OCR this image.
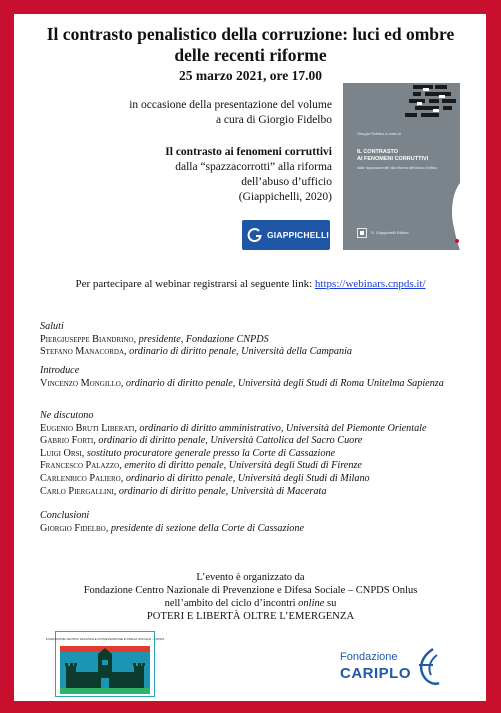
Il contrasto penalistico della corruzione: luci ed ombre
delle recenti riforme
25 marzo 2021, ore 17.00
in occasione della presentazione del volume
a cura di Giorgio Fidelbo
Il contrasto ai fenomeni corruttivi
dalla “spazzacorrotti” alla riforma
dell’abuso d’ufficio
(Giappichelli, 2020)
GIAPPICHELLI
Giorgio Fidelbo a cura di
IL CONTRASTO
AI FENOMENI CORRUTTIVI
dalla “spazzacorrotti” alla riforma dell'abuso d'ufficio
G. Giappichelli Editore
Per partecipare al webinar registrarsi al seguente link: https://webinars.cnpds.it/
Saluti
Piergiuseppe Biandrino, presidente, Fondazione CNPDS
Stefano Manacorda, ordinario di diritto penale, Università della Campania
Introduce
Vincenzo Mongillo, ordinario di diritto penale, Università degli Studi di Roma Unitelma Sapienza
Ne discutono
Eugenio Bruti Liberati, ordinario di diritto amministrativo, Università del Piemonte Orientale
Gabrio Forti, ordinario di diritto penale, Università Cattolica del Sacro Cuore
Luigi Orsi, sostituto procuratore generale presso la Corte di Cassazione
Francesco Palazzo, emerito di diritto penale, Università degli Studi di Firenze
Carlenrico Paliero, ordinario di diritto penale, Università degli Studi di Milano
Carlo Piergallini, ordinario di diritto penale, Università di Macerata
Conclusioni
Giorgio Fidelbo, presidente di sezione della Corte di Cassazione
L’evento è organizzato da
Fondazione Centro Nazionale di Prevenzione e Difesa Sociale – CNPDS Onlus
nell’ambito del ciclo d’incontri online su
POTERI E LIBERTÀ OLTRE L’EMERGENZA
FONDAZIONE CENTRO NAZIONALE DI PREVENZIONE E DIFESA SOCIALE - CNPDS
Fondazione
CARIPLO
